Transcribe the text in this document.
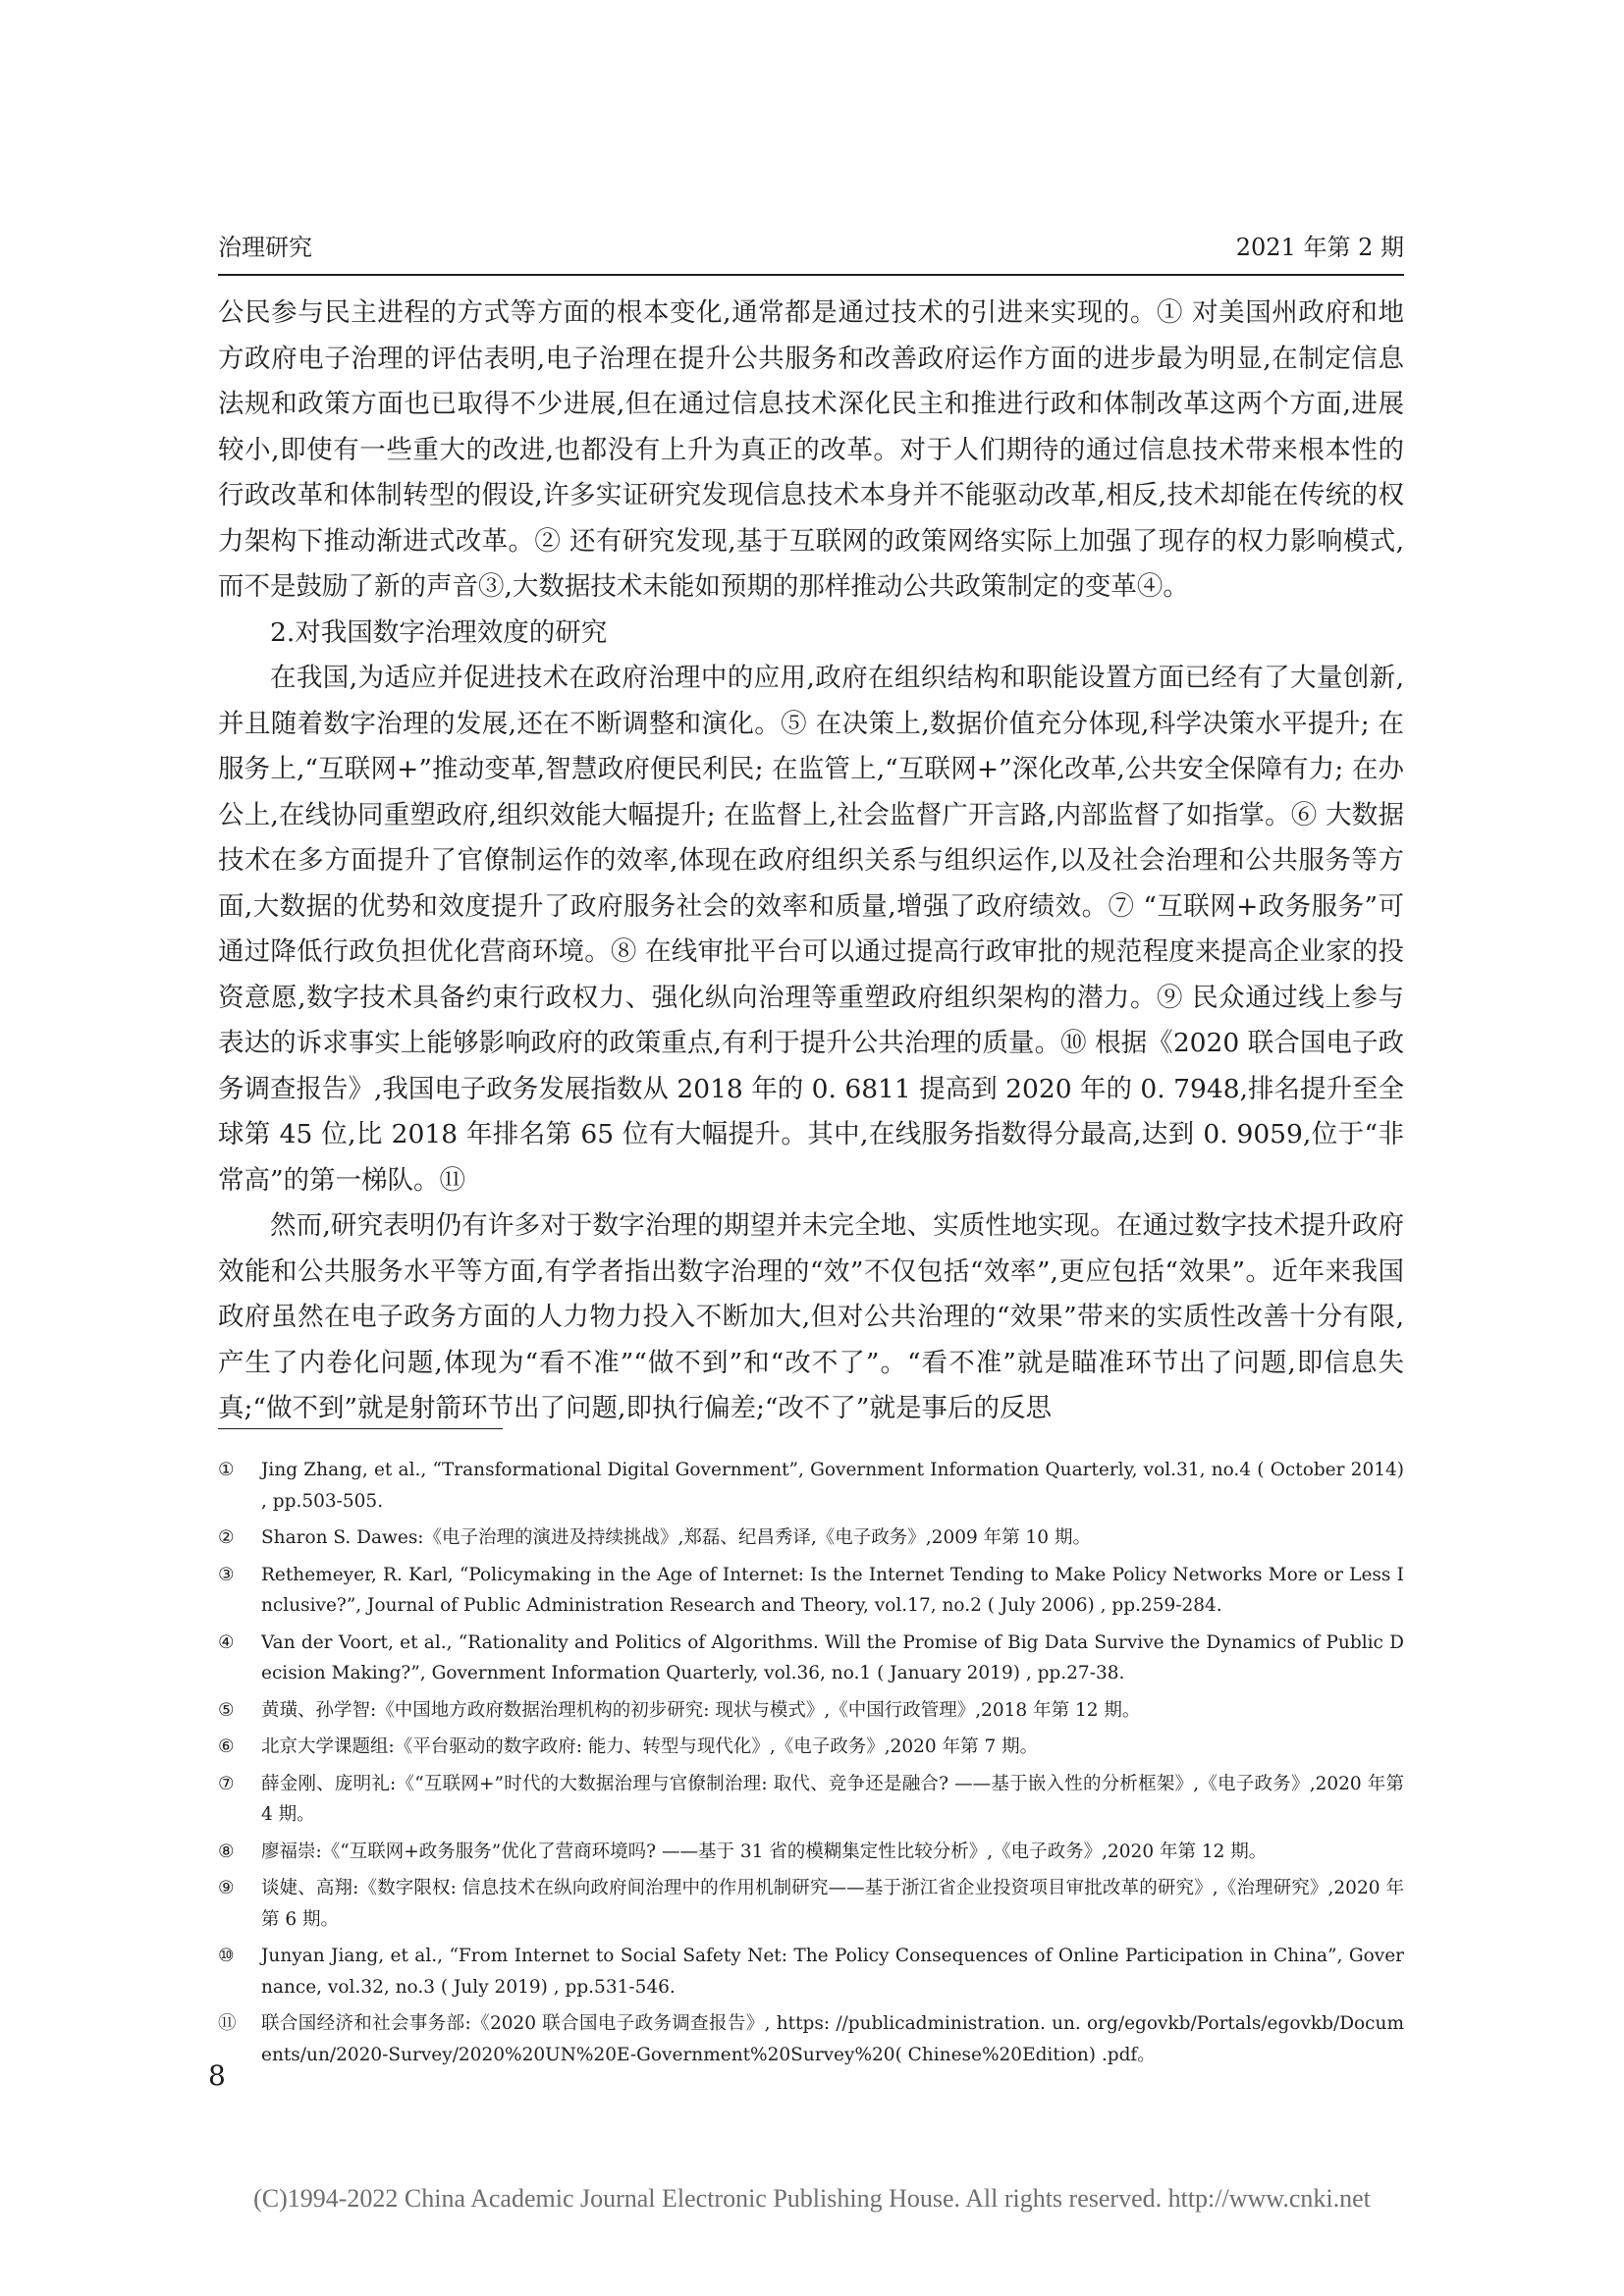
治理研究	2021 年第 2 期

公民参与民主进程的方式等方面的根本变化,通常都是通过技术的引进来实现的。① 对美国州政府和地方政府电子治理的评估表明,电子治理在提升公共服务和改善政府运作方面的进步最为明显,在制定信息法规和政策方面也已取得不少进展,但在通过信息技术深化民主和推进行政和体制改革这两个方面,进展较小,即使有一些重大的改进,也都没有上升为真正的改革。对于人们期待的通过信息技术带来根本性的行政改革和体制转型的假设,许多实证研究发现信息技术本身并不能驱动改革,相反,技术却能在传统的权力架构下推动渐进式改革。② 还有研究发现,基于互联网的政策网络实际上加强了现存的权力影响模式,而不是鼓励了新的声音③,大数据技术未能如预期的那样推动公共政策制定的变革④。

2.对我国数字治理效度的研究

在我国,为适应并促进技术在政府治理中的应用,政府在组织结构和职能设置方面已经有了大量创新,并且随着数字治理的发展,还在不断调整和演化。⑤ 在决策上,数据价值充分体现,科学决策水平提升; 在服务上,“互联网+”推动变革,智慧政府便民利民; 在监管上,“互联网+”深化改革,公共安全保障有力; 在办公上,在线协同重塑政府,组织效能大幅提升; 在监督上,社会监督广开言路,内部监督了如指掌。⑥ 大数据技术在多方面提升了官僚制运作的效率,体现在政府组织关系与组织运作,以及社会治理和公共服务等方面,大数据的优势和效度提升了政府服务社会的效率和质量,增强了政府绩效。⑦ “互联网+政务服务”可通过降低行政负担优化营商环境。⑧ 在线审批平台可以通过提高行政审批的规范程度来提高企业家的投资意愿,数字技术具备约束行政权力、强化纵向治理等重塑政府组织架构的潜力。⑨ 民众通过线上参与表达的诉求事实上能够影响政府的政策重点,有利于提升公共治理的质量。⑩ 根据《2020 联合国电子政务调查报告》,我国电子政务发展指数从 2018 年的 0. 6811 提高到 2020 年的 0. 7948,排名提升至全球第 45 位,比 2018 年排名第 65 位有大幅提升。其中,在线服务指数得分最高,达到 0. 9059,位于“非常高”的第一梯队。⑪

然而,研究表明仍有许多对于数字治理的期望并未完全地、实质性地实现。在通过数字技术提升政府效能和公共服务水平等方面,有学者指出数字治理的“效”不仅包括“效率”,更应包括“效果”。近年来我国政府虽然在电子政务方面的人力物力投入不断加大,但对公共治理的“效果”带来的实质性改善十分有限,产生了内卷化问题,体现为“看不准”“做不到”和“改不了”。“看不准”就是瞄准环节出了问题,即信息失真;“做不到”就是射箭环节出了问题,即执行偏差;“改不了”就是事后的反思

① Jing Zhang, et al., “Transformational Digital Government”, Government Information Quarterly, vol.31, no.4 ( October 2014) , pp.503-505.
② Sharon S. Dawes:《电子治理的演进及持续挑战》,郑磊、纪昌秀译,《电子政务》,2009 年第 10 期。
③ Rethemeyer, R. Karl, “Policymaking in the Age of Internet: Is the Internet Tending to Make Policy Networks More or Less Inclusive?”, Journal of Public Administration Research and Theory, vol.17, no.2 ( July 2006) , pp.259-284.
④ Van der Voort, et al., “Rationality and Politics of Algorithms. Will the Promise of Big Data Survive the Dynamics of Public Decision Making?”, Government Information Quarterly, vol.36, no.1 ( January 2019) , pp.27-38.
⑤ 黄璜、孙学智:《中国地方政府数据治理机构的初步研究: 现状与模式》,《中国行政管理》,2018 年第 12 期。
⑥ 北京大学课题组:《平台驱动的数字政府: 能力、转型与现代化》,《电子政务》,2020 年第 7 期。
⑦ 薛金刚、庞明礼:《“互联网+”时代的大数据治理与官僚制治理: 取代、竞争还是融合? ——基于嵌入性的分析框架》,《电子政务》,2020 年第 4 期。
⑧ 廖福崇:《“互联网+政务服务”优化了营商环境吗? ——基于 31 省的模糊集定性比较分析》,《电子政务》,2020 年第 12 期。
⑨ 谈婕、高翔:《数字限权: 信息技术在纵向政府间治理中的作用机制研究——基于浙江省企业投资项目审批改革的研究》,《治理研究》,2020 年第 6 期。
⑩ Junyan Jiang, et al., “From Internet to Social Safety Net: The Policy Consequences of Online Participation in China”, Governance, vol.32, no.3 ( July 2019) , pp.531-546.
⑪ 联合国经济和社会事务部:《2020 联合国电子政务调查报告》, https: //publicadministration. un. org/egovkb/Portals/egovkb/Documents/un/2020-Survey/2020%20UN%20E-Government%20Survey%20( Chinese%20Edition) .pdf。
8
(C)1994-2022 China Academic Journal Electronic Publishing House. All rights reserved. http://www.cnki.net
